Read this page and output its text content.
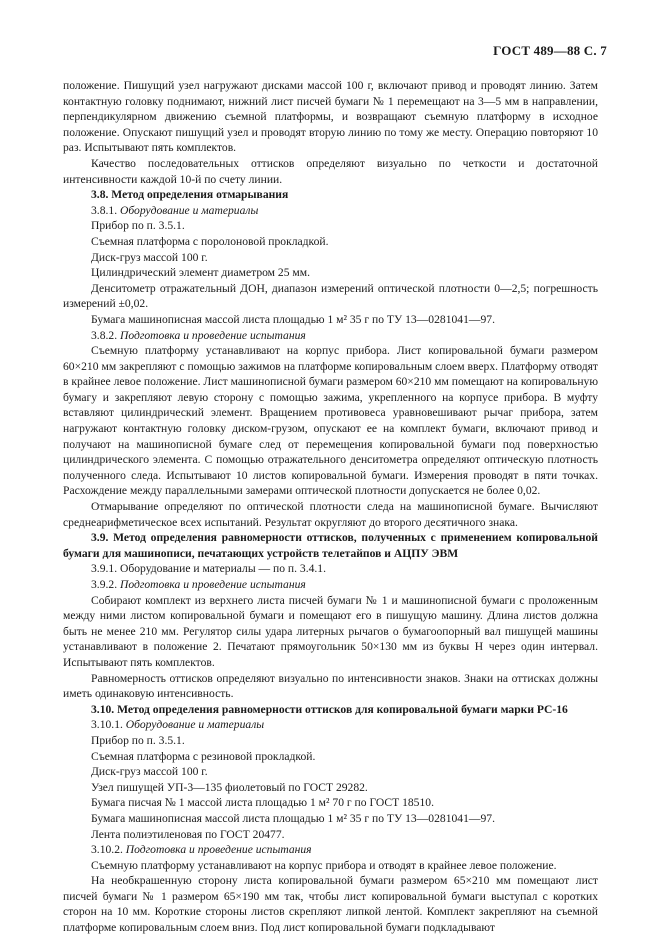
ГОСТ 489—88 С. 7

положение. Пишущий узел нагружают дисками массой 100 г, включают привод и проводят линию. Затем контактную головку поднимают, нижний лист писчей бумаги № 1 перемещают на 3—5 мм в направлении, перпендикулярном движению съемной платформы, и возвращают съемную платформу в исходное положение. Опускают пишущий узел и проводят вторую линию по тому же месту. Операцию повторяют 10 раз. Испытывают пять комплектов.

Качество последовательных оттисков определяют визуально по четкости и достаточной интенсивности каждой 10-й по счету линии.

3.8. Метод определения отмарывания

3.8.1. Оборудование и материалы

Прибор по п. 3.5.1.

Съемная платформа с поролоновой прокладкой.

Диск-груз массой 100 г.

Цилиндрический элемент диаметром 25 мм.

Денситометр отражательный ДОН, диапазон измерений оптической плотности 0—2,5; погрешность измерений ±0,02.

Бумага машинописная массой листа площадью 1 м² 35 г по ТУ 13—0281041—97.

3.8.2. Подготовка и проведение испытания

Съемную платформу устанавливают на корпус прибора. Лист копировальной бумаги размером 60×210 мм закрепляют с помощью зажимов на платформе копировальным слоем вверх. Платформу отводят в крайнее левое положение. Лист машинописной бумаги размером 60×210 мм помещают на копировальную бумагу и закрепляют левую сторону с помощью зажима, укрепленного на корпусе прибора. В муфту вставляют цилиндрический элемент. Вращением противовеса уравновешивают рычаг прибора, затем нагружают контактную головку диском-грузом, опускают ее на комплект бумаги, включают привод и получают на машинописной бумаге след от перемещения копировальной бумаги под поверхностью цилиндрического элемента. С помощью отражательного денситометра определяют оптическую плотность полученного следа. Испытывают 10 листов копировальной бумаги. Измерения проводят в пяти точках. Расхождение между параллельными замерами оптической плотности допускается не более 0,02.

Отмарывание определяют по оптической плотности следа на машинописной бумаге. Вычисляют среднеарифметическое всех испытаний. Результат округляют до второго десятичного знака.

3.9. Метод определения равномерности оттисков, полученных с применением копировальной бумаги для машинописи, печатающих устройств телетайпов и АЦПУ ЭВМ

3.9.1. Оборудование и материалы — по п. 3.4.1.

3.9.2. Подготовка и проведение испытания

Собирают комплект из верхнего листа писчей бумаги № 1 и машинописной бумаги с проложенным между ними листом копировальной бумаги и помещают его в пишущую машину. Длина листов должна быть не менее 210 мм. Регулятор силы удара литерных рычагов о бумагоопорный вал пишущей машины устанавливают в положение 2. Печатают прямоугольник 50×130 мм из буквы Н через один интервал. Испытывают пять комплектов.

Равномерность оттисков определяют визуально по интенсивности знаков. Знаки на оттисках должны иметь одинаковую интенсивность.

3.10. Метод определения равномерности оттисков для копировальной бумаги марки PC-16

3.10.1. Оборудование и материалы

Прибор по п. 3.5.1.

Съемная платформа с резиновой прокладкой.

Диск-груз массой 100 г.

Узел пишущей УП-3—135 фиолетовый по ГОСТ 29282.

Бумага писчая № 1 массой листа площадью 1 м² 70 г по ГОСТ 18510.

Бумага машинописная массой листа площадью 1 м² 35 г по ТУ 13—0281041—97.

Лента полиэтиленовая по ГОСТ 20477.

3.10.2. Подготовка и проведение испытания

Съемную платформу устанавливают на корпус прибора и отводят в крайнее левое положение.

На необкрашенную сторону листа копировальной бумаги размером 65×210 мм помещают лист писчей бумаги № 1 размером 65×190 мм так, чтобы лист копировальной бумаги выступал с коротких сторон на 10 мм. Короткие стороны листов скрепляют липкой лентой. Комплект закрепляют на съемной платформе копировальным слоем вниз. Под лист копировальной бумаги подкладывают
